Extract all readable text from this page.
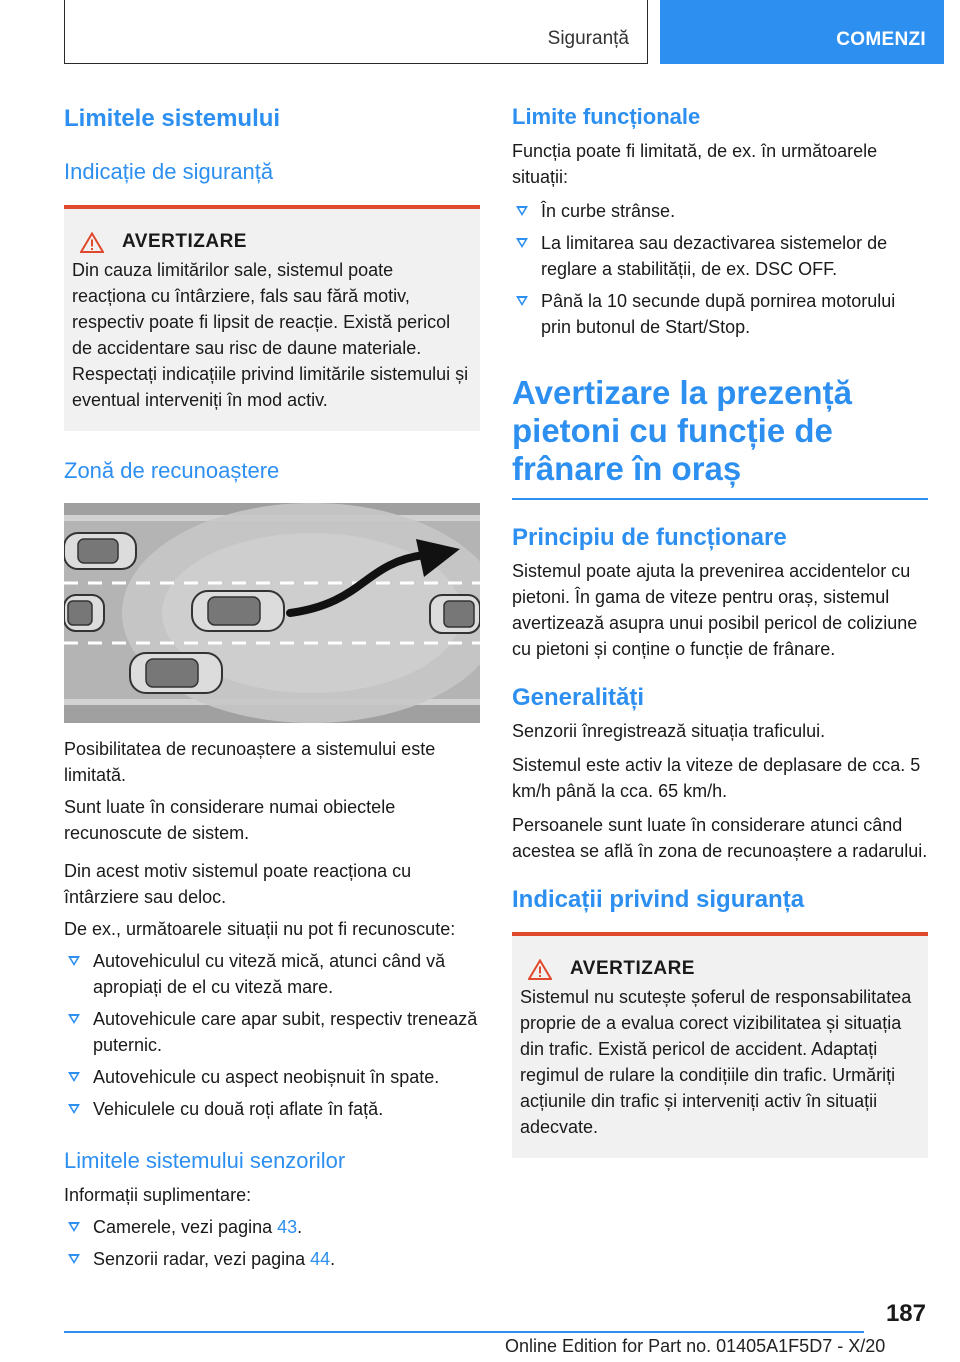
Siguranță	COMENZI
Limitele sistemului
Indicație de siguranță
AVERTIZARE

Din cauza limitărilor sale, sistemul poate reacționa cu întârziere, fals sau fără motiv, respectiv poate fi lipsit de reacție. Există pericol de accidentare sau risc de daune materiale. Respectați indicațiile privind limitările sistemului și eventual interveniți în mod activ.

Zonă de recunoaștere

Posibilitatea de recunoaștere a sistemului este limitată.

Sunt luate în considerare numai obiectele recunoscute de sistem.

Din acest motiv sistemul poate reacționa cu întârziere sau deloc.

De ex., următoarele situații nu pot fi recunoscute:

Autovehiculul cu viteză mică, atunci când vă apropiați de el cu viteză mare.
Autovehicule care apar subit, respectiv trenează puternic.
Autovehicule cu aspect neobișnuit în spate.
Vehiculele cu două roți aflate în față.
Limitele sistemului senzorilor

Informații suplimentare:

Camerele, vezi pagina 43.
Senzorii radar, vezi pagina 44.
Limite funcționale

Funcția poate fi limitată, de ex. în următoarele situații:

În curbe strânse.
La limitarea sau dezactivarea sistemelor de reglare a stabilității, de ex. DSC OFF.
Până la 10 secunde după pornirea motorului prin butonul de Start/Stop.
Avertizare la prezență pietoni cu funcție de frânare în oraș
Principiu de funcționare

Sistemul poate ajuta la prevenirea accidentelor cu pietoni. În gama de viteze pentru oraș, sistemul avertizează asupra unui posibil pericol de coliziune cu pietoni și conține o funcție de frânare.

Generalități

Senzorii înregistrează situația traficului.

Sistemul este activ la viteze de deplasare de cca. 5 km/h până la cca. 65 km/h.

Persoanele sunt luate în considerare atunci când acestea se află în zona de recunoaștere a radarului.

Indicații privind siguranța
AVERTIZARE

Sistemul nu scutește șoferul de responsabilitatea proprie de a evalua corect vizibilitatea și situația din trafic. Există pericol de accident. Adaptați regimul de rulare la condițiile din trafic. Urmăriți acțiunile din trafic și interveniți activ în situații adecvate.

187
Online Edition for Part no. 01405A1F5D7 - X/20
